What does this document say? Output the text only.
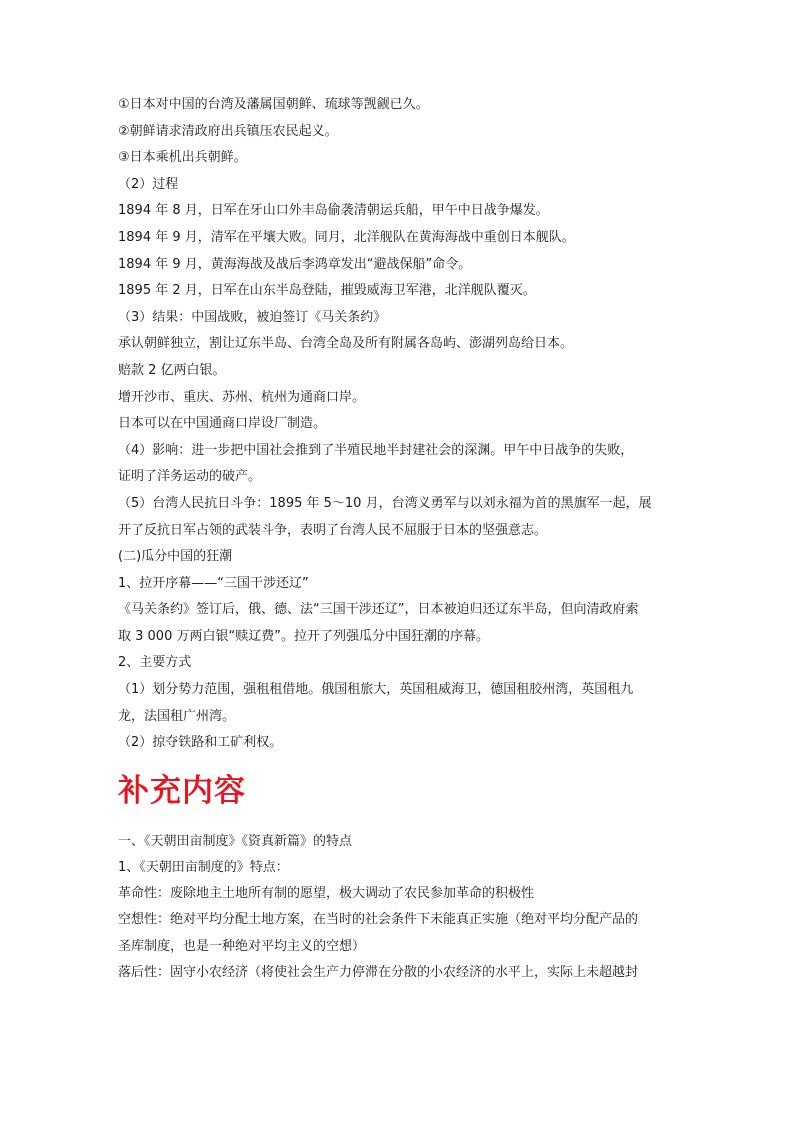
①日本对中国的台湾及藩属国朝鲜、琉球等觊觎已久。
②朝鲜请求清政府出兵镇压农民起义。
③日本乘机出兵朝鲜。
（2）过程
1894 年 8 月，日军在牙山口外丰岛偷袭清朝运兵船，甲午中日战争爆发。
1894 年 9 月，清军在平壤大败。同月，北洋舰队在黄海海战中重创日本舰队。
1894 年 9 月，黄海海战及战后李鸿章发出“避战保船”命令。
1895 年 2 月，日军在山东半岛登陆，摧毁威海卫军港，北洋舰队覆灭。
（3）结果：中国战败，被迫签订《马关条约》
承认朝鲜独立，割让辽东半岛、台湾全岛及所有附属各岛屿、澎湖列岛给日本。
赔款 2 亿两白银。
增开沙市、重庆、苏州、杭州为通商口岸。
日本可以在中国通商口岸设厂制造。
（4）影响：进一步把中国社会推到了半殖民地半封建社会的深渊。甲午中日战争的失败，
证明了洋务运动的破产。
（5）台湾人民抗日斗争：1895 年 5～10 月，台湾义勇军与以刘永福为首的黑旗军一起，展
开了反抗日军占领的武装斗争，表明了台湾人民不屈服于日本的坚强意志。
(二)瓜分中国的狂潮
1、拉开序幕——“三国干涉还辽”
《马关条约》签订后，俄、德、法“三国干涉还辽”，日本被迫归还辽东半岛，但向清政府索
取 3 000 万两白银“赎辽费”。拉开了列强瓜分中国狂潮的序幕。
2、主要方式
（1）划分势力范围，强租租借地。俄国租旅大，英国租威海卫，德国租胶州湾，英国租九
龙，法国租广州湾。
（2）掠夺铁路和工矿利权。
补充内容
一、《天朝田亩制度》《资真新篇》的特点
1、《天朝田亩制度的》特点：
革命性：废除地主土地所有制的愿望，极大调动了农民参加革命的积极性
空想性：绝对平均分配土地方案，在当时的社会条件下未能真正实施（绝对平均分配产品的
圣库制度，也是一种绝对平均主义的空想）
落后性：固守小农经济（将使社会生产力停滞在分散的小农经济的水平上，实际上未超越封
